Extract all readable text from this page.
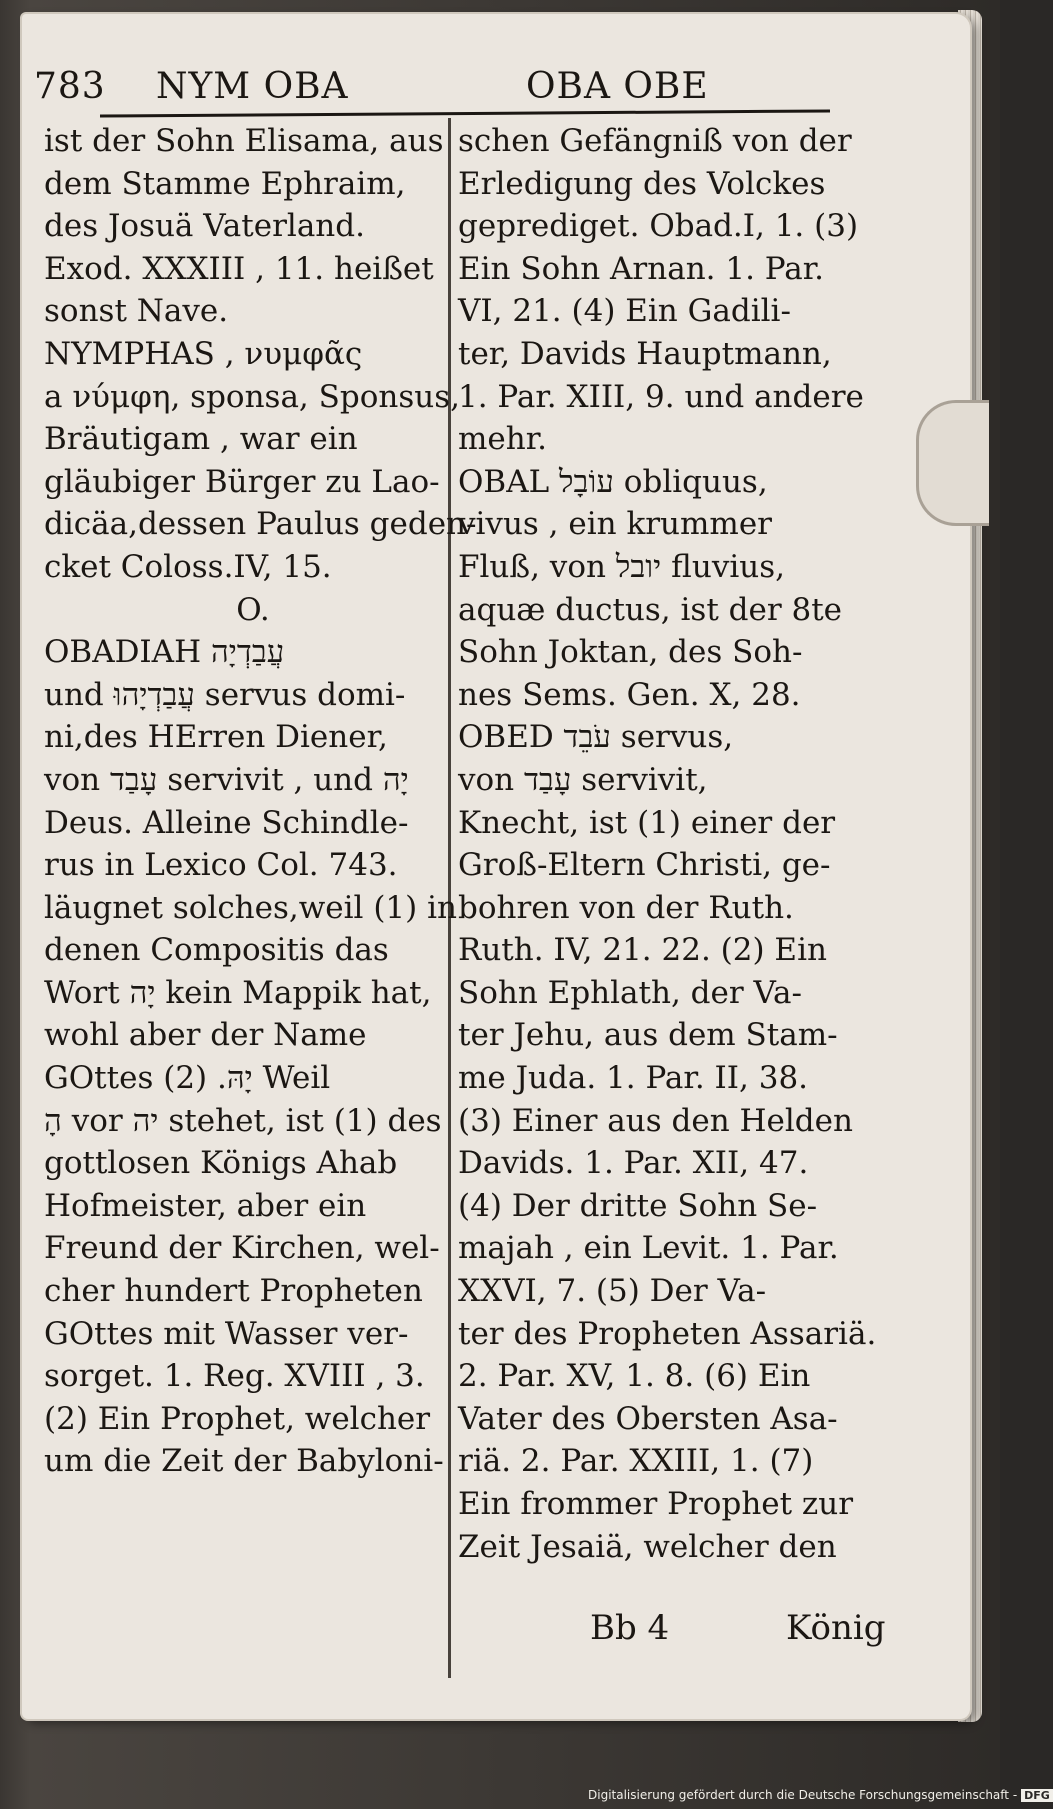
783 NYM OBA	OBA OBE

ist der Sohn Elisama, aus

dem Stamme Ephraim,

des Josuä Vaterland.

Exod. XXXIII , 11. heißet

sonst Nave.

NYMPHAS , νυμφᾶς

a νύμφη, sponsa, Sponsus,

Bräutigam , war ein

gläubiger Bürger zu Lao-

dicäa,dessen Paulus geden-

cket Coloss.IV, 15.

O.

OBADIAH עֲבַדְיָה

und עֲבַדְיָהוּ servus domi-

ni,des HErren Diener,

von עָבַד servivit , und יָה

Deus. Alleine Schindle-

rus in Lexico Col. 743.

läugnet solches,weil (1) in

denen Compositis das

Wort יָה kein Mappik hat,

wohl aber der Name

GOttes יָהּ. (2) Weil

הָ vor יה stehet, ist (1) des

gottlosen Königs Ahab

Hofmeister, aber ein

Freund der Kirchen, wel-

cher hundert Propheten

GOttes mit Wasser ver-

sorget. 1. Reg. XVIII , 3.

(2) Ein Prophet, welcher

um die Zeit der Babyloni-

schen Gefängniß von der

Erledigung des Volckes

geprediget. Obad.I, 1. (3)

Ein Sohn Arnan. 1. Par.

VI, 21. (4) Ein Gadili-

ter, Davids Hauptmann,

1. Par. XIII, 9. und andere

mehr.

OBAL עוֹבָל obliquus,

vivus , ein krummer

Fluß, von יובל fluvius,

aquæ ductus, ist der 8te

Sohn Joktan, des Soh-

nes Sems. Gen. X, 28.

OBED עֹבֵד servus,

von עָבַד servivit,

Knecht, ist (1) einer der

Groß-Eltern Christi, ge-

bohren von der Ruth.

Ruth. IV, 21. 22. (2) Ein

Sohn Ephlath, der Va-

ter Jehu, aus dem Stam-

me Juda. 1. Par. II, 38.

(3) Einer aus den Helden

Davids. 1. Par. XII, 47.

(4) Der dritte Sohn Se-

majah , ein Levit. 1. Par.

XXVI, 7. (5) Der Va-

ter des Propheten Assariä.

2. Par. XV, 1. 8. (6) Ein

Vater des Obersten Asa-

riä. 2. Par. XXIII, 1. (7)

Ein frommer Prophet zur

Zeit Jesaiä, welcher den

Bb 4	König
Digitalisierung gefördert durch die Deutsche Forschungsgemeinschaft - DFG
